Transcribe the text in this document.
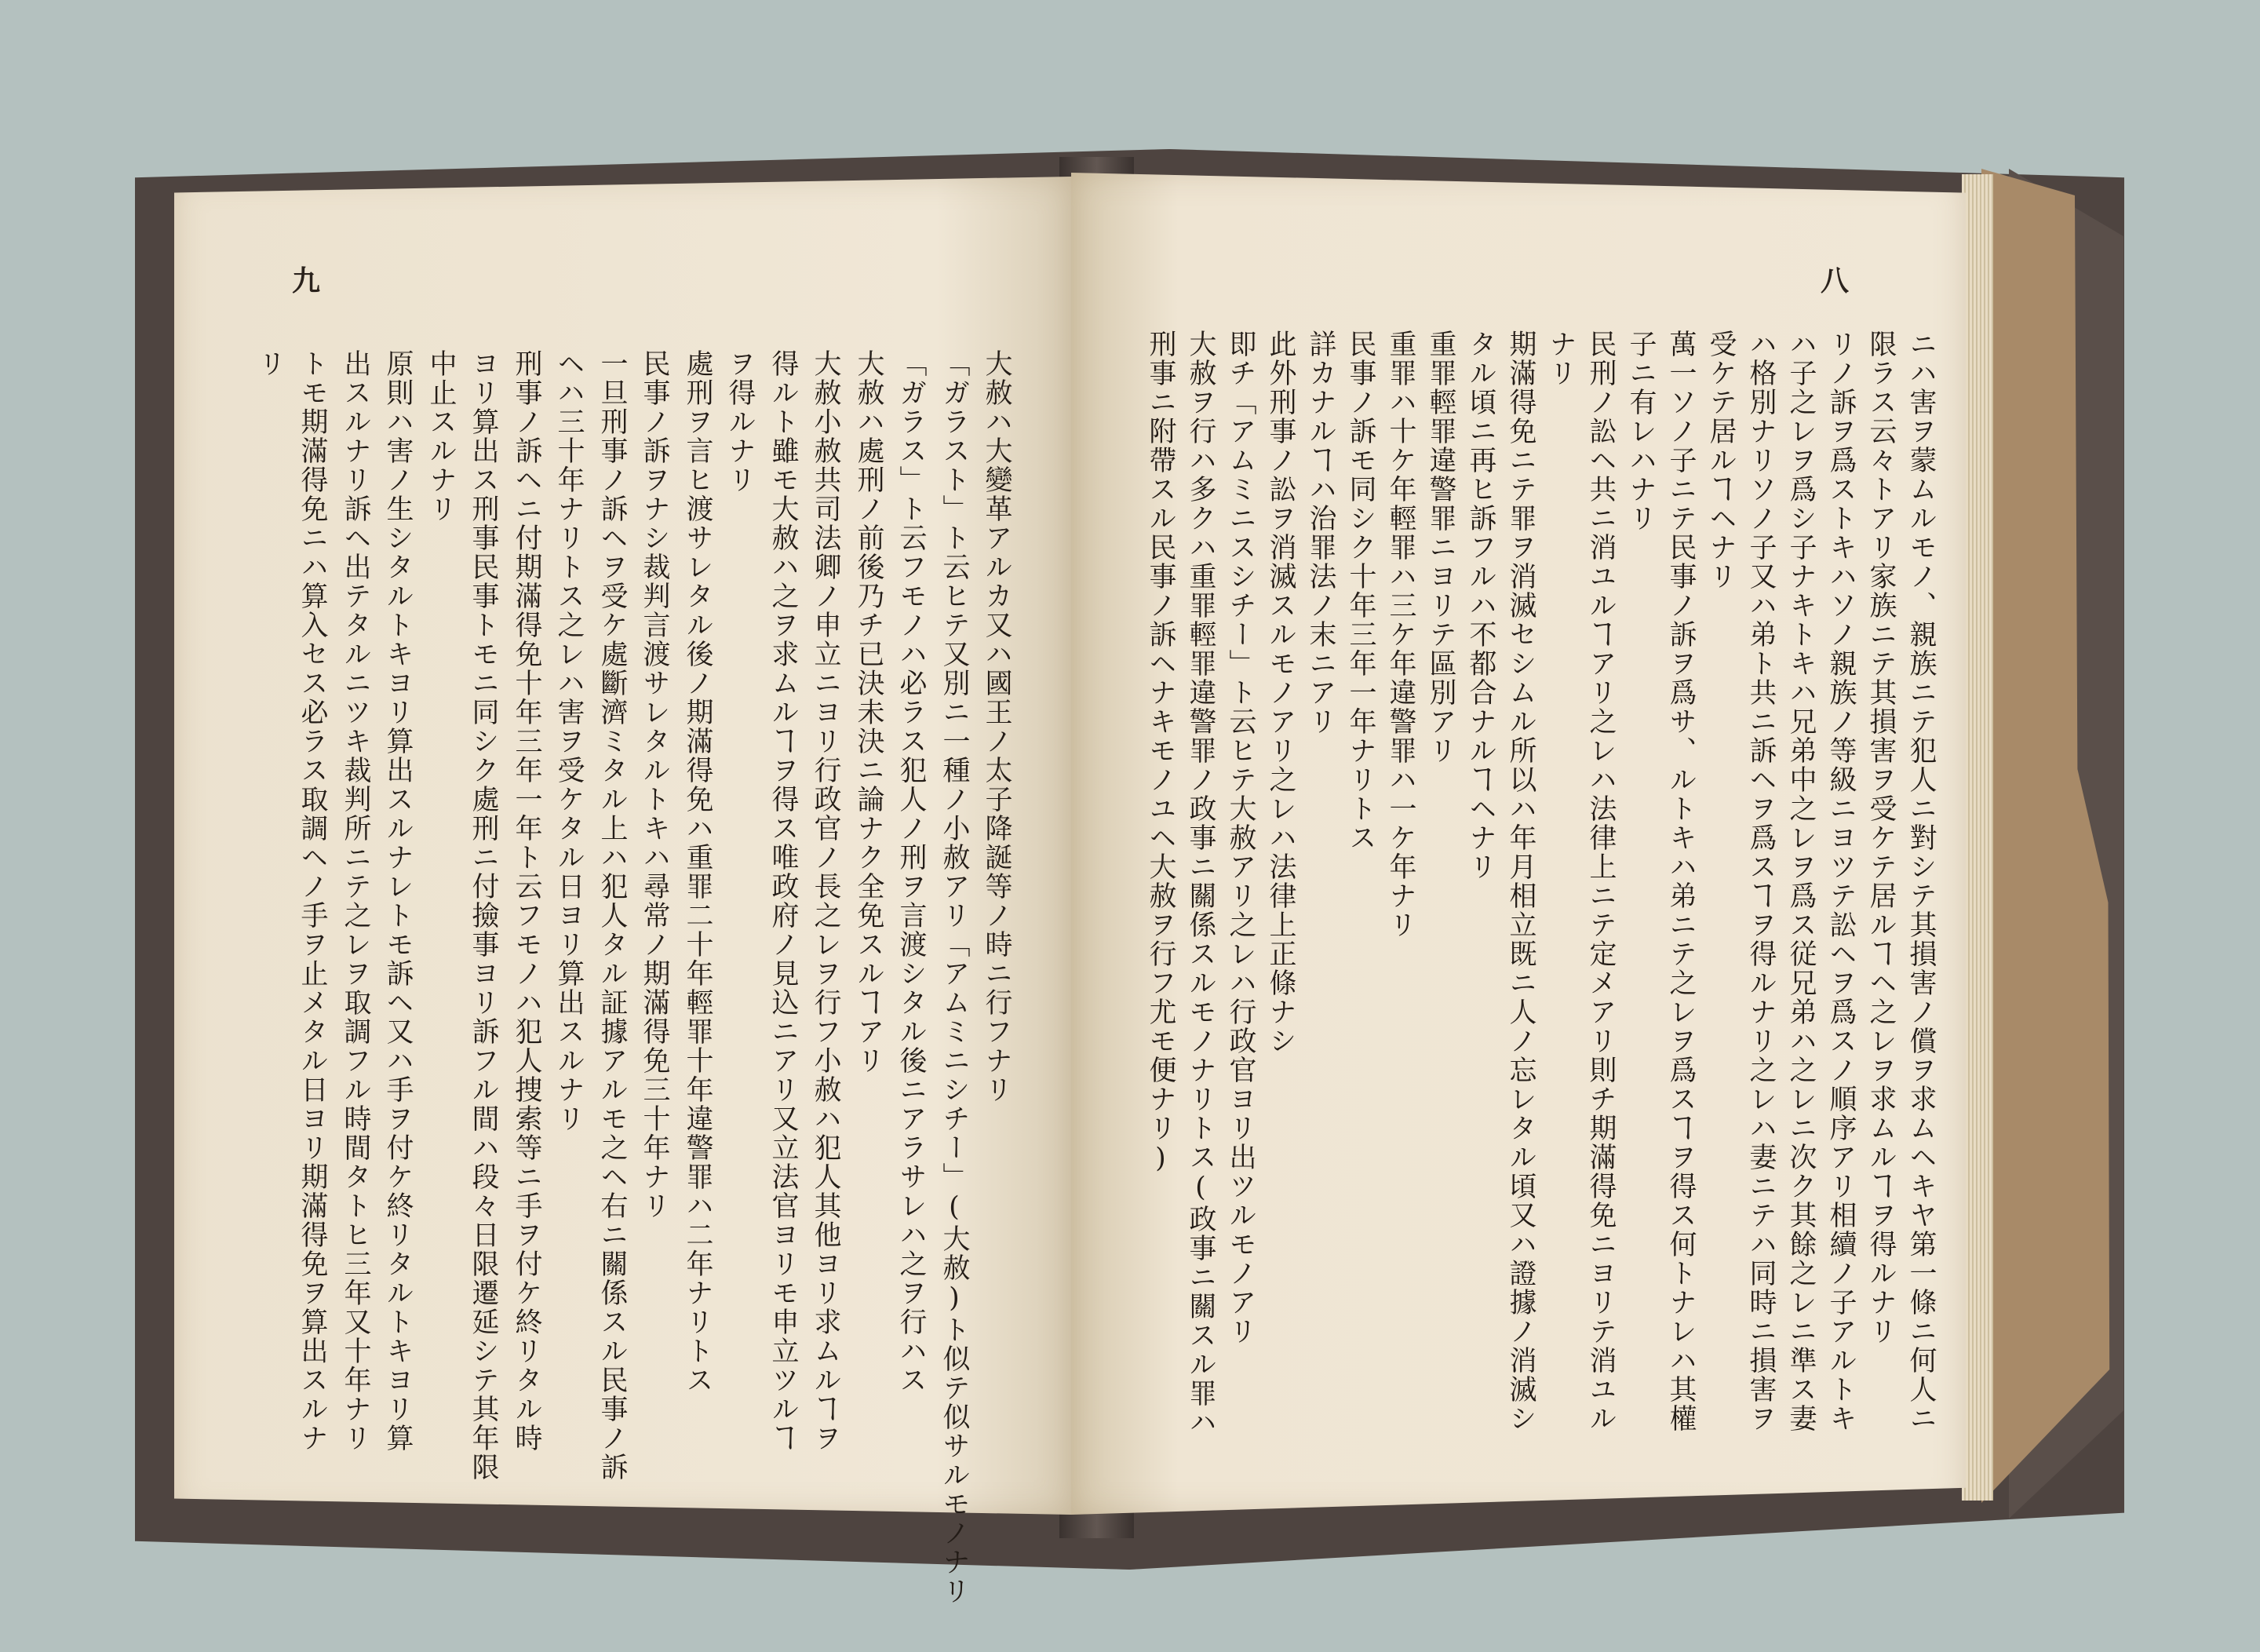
九	八
大赦ハ大變革アルカ又ハ國王ノ太子降誕等ノ時ニ行フナリ
「ガラスト」ト云ヒテ又別ニ一種ノ小赦アリ「アムミニシチー」(大赦)ト似テ似サルモノナリ
「ガラス」ト云フモノハ必ラス犯人ノ刑ヲ言渡シタル後ニアラサレハ之ヲ行ハス
大赦ハ處刑ノ前後乃チ已決未決ニ論ナク全免スルヿアリ
大赦小赦共司法卿ノ申立ニヨリ行政官ノ長之レヲ行フ小赦ハ犯人其他ヨリ求ムルヿヲ
得ルト雖モ大赦ハ之ヲ求ムルヿヲ得ス唯政府ノ見込ニアリ又立法官ヨリモ申立ツルヿ
ヲ得ルナリ
處刑ヲ言ヒ渡サレタル後ノ期滿得免ハ重罪二十年輕罪十年違警罪ハ二年ナリトス
民事ノ訴ヲナシ裁判言渡サレタルトキハ尋常ノ期滿得免三十年ナリ
一旦刑事ノ訴ヘヲ受ケ處斷濟ミタル上ハ犯人タル証據アルモ之ヘ右ニ關係スル民事ノ訴
ヘハ三十年ナリトス之レハ害ヲ受ケタル日ヨリ算出スルナリ
刑事ノ訴ヘニ付期滿得免十年三年一年ト云フモノハ犯人捜索等ニ手ヲ付ケ終リタル時
ヨリ算出ス刑事民事トモニ同シク處刑ニ付撿事ヨリ訴フル間ハ段々日限遷延シテ其年限
中止スルナリ
原則ハ害ノ生シタルトキヨリ算出スルナレトモ訴ヘ又ハ手ヲ付ケ終リタルトキヨリ算
出スルナリ訴ヘ出テタルニツキ裁判所ニテ之レヲ取調フル時間タトヒ三年又十年ナリ
トモ期滿得免ニハ算入セス必ラス取調ヘノ手ヲ止メタル日ヨリ期滿得免ヲ算出スルナ
リ	ニハ害ヲ蒙ムルモノ、親族ニテ犯人ニ對シテ其損害ノ償ヲ求ムヘキヤ第一條ニ何人ニ
限ラス云々トアリ家族ニテ其損害ヲ受ケテ居ルヿヘ之レヲ求ムルヿヲ得ルナリ
リノ訴ヲ爲ストキハソノ親族ノ等級ニヨツテ訟ヘヲ爲スノ順序アリ相續ノ子アルトキ
ハ子之レヲ爲シ子ナキトキハ兄弟中之レヲ爲ス従兄弟ハ之レニ次ク其餘之レニ準ス妻
ハ格別ナリソノ子又ハ弟ト共ニ訴ヘヲ爲スヿヲ得ルナリ之レハ妻ニテハ同時ニ損害ヲ
受ケテ居ルヿヘナリ
萬一ソノ子ニテ民事ノ訴ヲ爲サ、ルトキハ弟ニテ之レヲ爲スヿヲ得ス何トナレハ其權
子ニ有レハナリ
民刑ノ訟ヘ共ニ消ユルヿアリ之レハ法律上ニテ定メアリ則チ期滿得免ニヨリテ消ユル
ナリ
期滿得免ニテ罪ヲ消滅セシムル所以ハ年月相立既ニ人ノ忘レタル頃又ハ證據ノ消滅シ
タル頃ニ再ヒ訴フルハ不都合ナルヿヘナリ
重罪輕罪違警罪ニヨリテ區別アリ
重罪ハ十ケ年輕罪ハ三ケ年違警罪ハ一ケ年ナリ
民事ノ訴モ同シク十年三年一年ナリトス
詳カナルヿハ治罪法ノ末ニアリ
此外刑事ノ訟ヲ消滅スルモノアリ之レハ法律上正條ナシ
即チ「アムミニスシチー」ト云ヒテ大赦アリ之レハ行政官ヨリ出ツルモノアリ
大赦ヲ行ハ多クハ重罪輕罪違警罪ノ政事ニ關係スルモノナリトス(政事ニ關スル罪ハ
刑事ニ附帶スル民事ノ訴ヘナキモノユヘ大赦ヲ行フ尤モ便ナリ)
